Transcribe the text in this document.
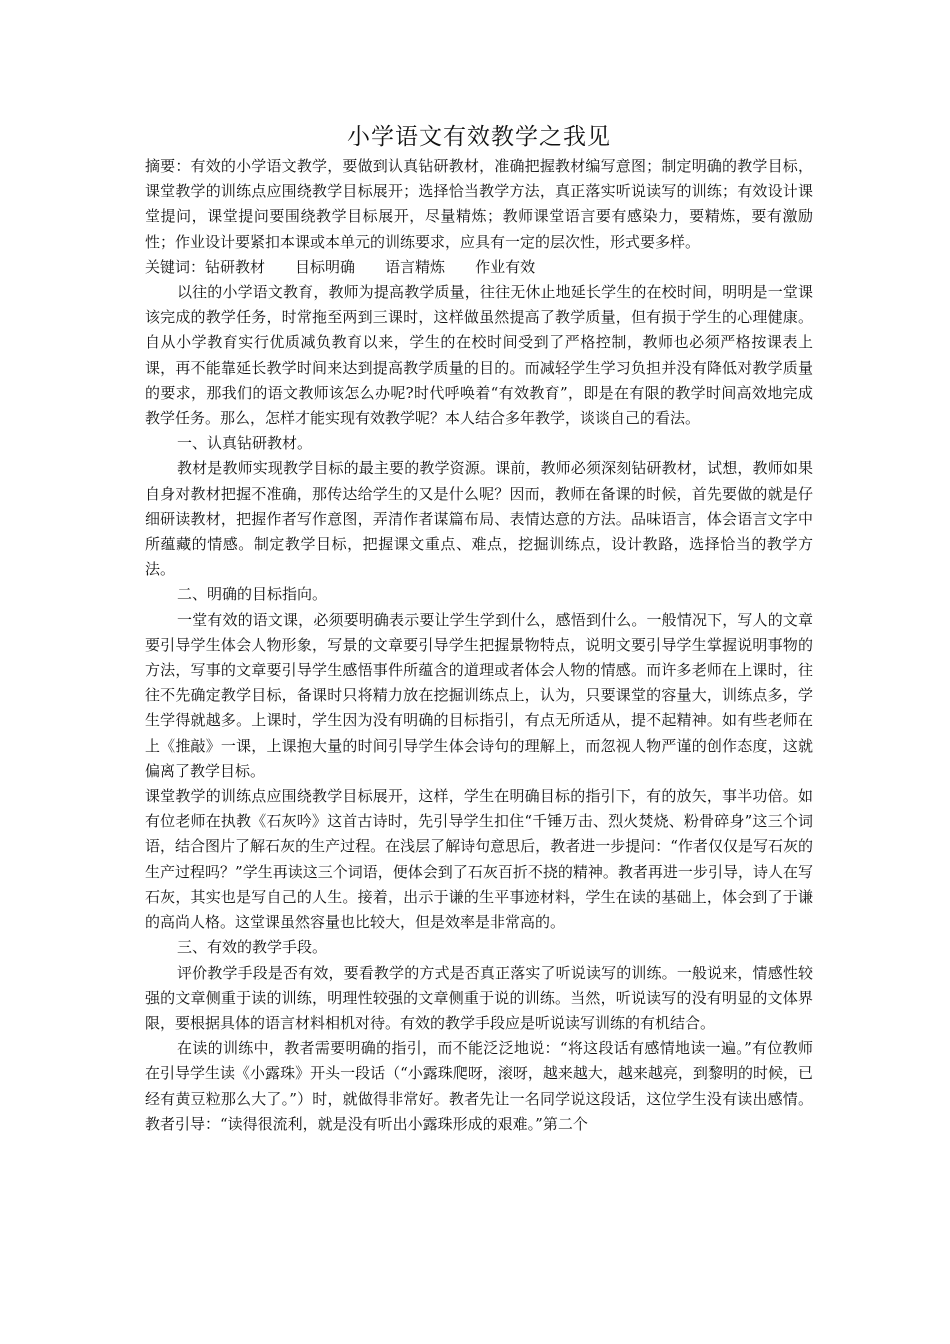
小学语文有效教学之我见

摘要：有效的小学语文教学，要做到认真钻研教材，准确把握教材编写意图；制定明确的教学目标，课堂教学的训练点应围绕教学目标展开；选择恰当教学方法，真正落实听说读写的训练；有效设计课堂提问，课堂提问要围绕教学目标展开，尽量精炼；教师课堂语言要有感染力，要精炼，要有激励性；作业设计要紧扣本课或本单元的训练要求，应具有一定的层次性，形式要多样。

关键词：钻研教材 目标明确 语言精炼 作业有效

以往的小学语文教育，教师为提高教学质量，往往无休止地延长学生的在校时间，明明是一堂课该完成的教学任务，时常拖至两到三课时，这样做虽然提高了教学质量，但有损于学生的心理健康。自从小学教育实行优质减负教育以来，学生的在校时间受到了严格控制，教师也必须严格按课表上课，再不能靠延长教学时间来达到提高教学质量的目的。而减轻学生学习负担并没有降低对教学质量的要求，那我们的语文教师该怎么办呢?时代呼唤着“有效教育”，即是在有限的教学时间高效地完成教学任务。那么，怎样才能实现有效教学呢？本人结合多年教学，谈谈自己的看法。

一、认真钻研教材。

教材是教师实现教学目标的最主要的教学资源。课前，教师必须深刻钻研教材，试想，教师如果自身对教材把握不准确，那传达给学生的又是什么呢？因而，教师在备课的时候，首先要做的就是仔细研读教材，把握作者写作意图，弄清作者谋篇布局、表情达意的方法。品味语言，体会语言文字中所蕴藏的情感。制定教学目标，把握课文重点、难点，挖掘训练点，设计教路，选择恰当的教学方法。

二、明确的目标指向。

一堂有效的语文课，必须要明确表示要让学生学到什么，感悟到什么。一般情况下，写人的文章要引导学生体会人物形象，写景的文章要引导学生把握景物特点，说明文要引导学生掌握说明事物的方法，写事的文章要引导学生感悟事件所蕴含的道理或者体会人物的情感。而许多老师在上课时，往往不先确定教学目标，备课时只将精力放在挖掘训练点上，认为，只要课堂的容量大，训练点多，学生学得就越多。上课时，学生因为没有明确的目标指引，有点无所适从，提不起精神。如有些老师在上《推敲》一课，上课抱大量的时间引导学生体会诗句的理解上，而忽视人物严谨的创作态度，这就偏离了教学目标。

课堂教学的训练点应围绕教学目标展开，这样，学生在明确目标的指引下，有的放矢，事半功倍。如有位老师在执教《石灰吟》这首古诗时，先引导学生扣住“千锤万击、烈火焚烧、粉骨碎身”这三个词语，结合图片了解石灰的生产过程。在浅层了解诗句意思后，教者进一步提问：“作者仅仅是写石灰的生产过程吗？”学生再读这三个词语，便体会到了石灰百折不挠的精神。教者再进一步引导，诗人在写石灰，其实也是写自己的人生。接着，出示于谦的生平事迹材料，学生在读的基础上，体会到了于谦的高尚人格。这堂课虽然容量也比较大，但是效率是非常高的。

三、有效的教学手段。

评价教学手段是否有效，要看教学的方式是否真正落实了听说读写的训练。一般说来，情感性较强的文章侧重于读的训练，明理性较强的文章侧重于说的训练。当然，听说读写的没有明显的文体界限，要根据具体的语言材料相机对待。有效的教学手段应是听说读写训练的有机结合。

在读的训练中，教者需要明确的指引，而不能泛泛地说：“将这段话有感情地读一遍。”有位教师在引导学生读《小露珠》开头一段话（“小露珠爬呀，滚呀，越来越大，越来越亮，到黎明的时候，已经有黄豆粒那么大了。”）时，就做得非常好。教者先让一名同学说这段话，这位学生没有读出感情。教者引导：“读得很流利，就是没有听出小露珠形成的艰难。”第二个
